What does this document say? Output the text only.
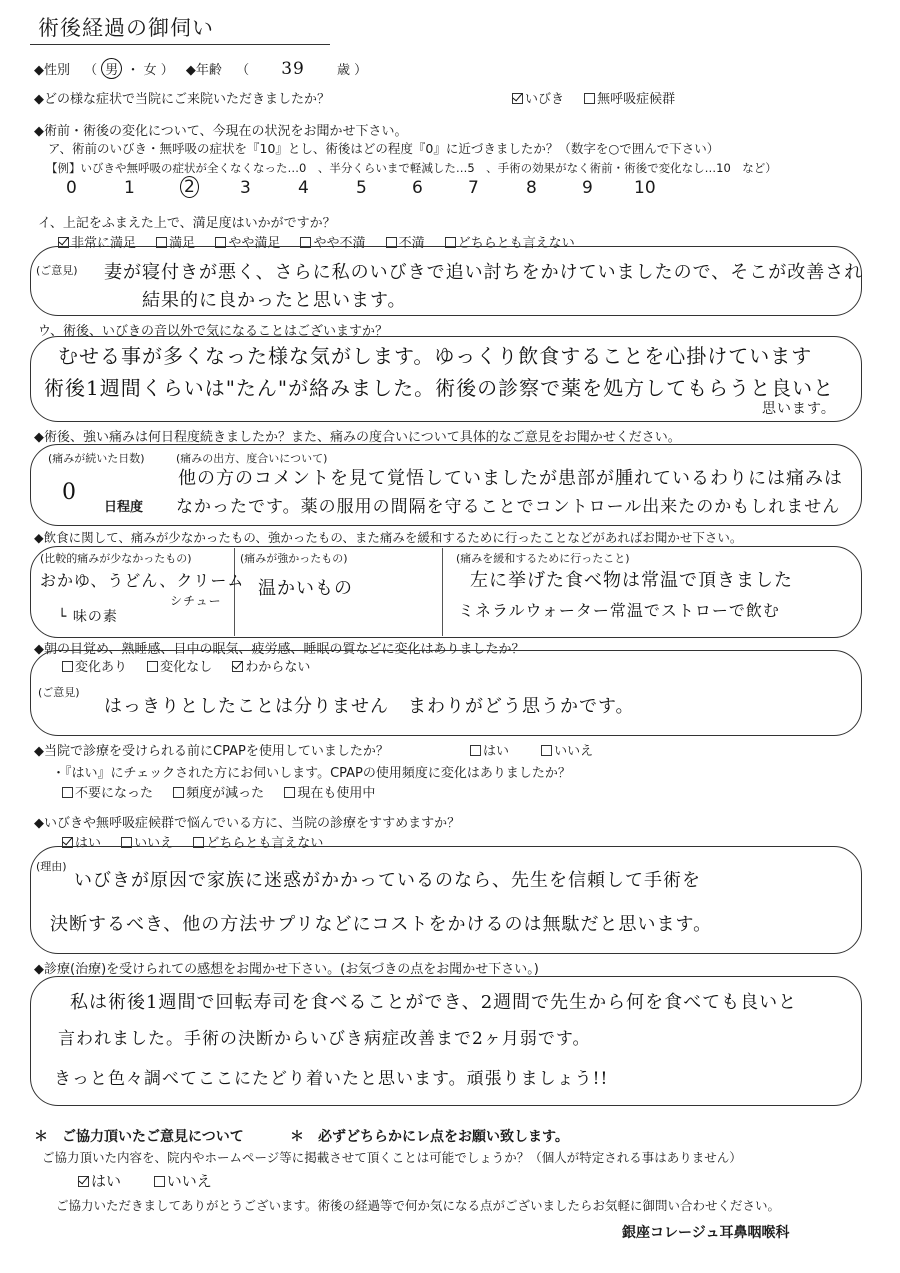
術後経過の御伺い
◆性別 （ 男 ・ 女 ） ◆年齢 （ 39 歳 ）
◆どの様な症状で当院にご来院いただきましたか？	いびき	無呼吸症候群
◆術前・術後の変化について、今現在の状況をお聞かせ下さい。
ア、術前のいびき・無呼吸の症状を『10』とし、術後はどの程度『0』に近づきましたか？（数字を○で囲んで下さい）
【例】いびきや無呼吸の症状が全くなくなった…0　、半分くらいまで軽減した…5　、手術の効果がなく術前・術後で変化なし…10　など）
0	1	2	3	4	5	6	7	8	9 10
イ、上記をふまえた上で、満足度はいかがですか？
非常に満足	満足	やや満足	やや不満	不満	どちらとも言えない
(ご意見) 妻が寝付きが悪く、さらに私のいびきで追い討ちをかけていましたので、そこが改善され
結果的に良かったと思います。
ウ、術後、いびきの音以外で気になることはございますか？
むせる事が多くなった様な気がします。ゆっくり飲食することを心掛けています
術後1週間くらいは"たん"が絡みました。術後の診察で薬を処方してもらうと良いと
思います。
◆術後、強い痛みは何日程度続きましたか？また、痛みの度合いについて具体的なご意見をお聞かせください。
(痛みが続いた日数)
0
日程度
(痛みの出方、度合いについて)
他の方のコメントを見て覚悟していましたが患部が腫れているわりには痛みは
なかったです。薬の服用の間隔を守ることでコントロール出来たのかもしれません
◆飲食に関して、痛みが少なかったもの、強かったもの、また痛みを緩和するために行ったことなどがあればお聞かせ下さい。
(比較的痛みが少なかったもの)
おかゆ、うどん、クリーム
シチュー
└ 味の素
(痛みが強かったもの)
温かいもの
(痛みを緩和するために行ったこと)
左に挙げた食べ物は常温で頂きました
ミネラルウォーター常温でストローで飲む
◆朝の目覚め、熟睡感、日中の眠気、疲労感、睡眠の質などに変化はありましたか？
変化あり	変化なし	わからない
(ご意見)
はっきりとしたことは分りません　まわりがどう思うかです。
◆当院で診療を受けられる前にCPAPを使用していましたか？	はい	いいえ
・『はい』にチェックされた方にお伺いします。CPAPの使用頻度に変化はありましたか？
不要になった	頻度が減った	現在も使用中
◆いびきや無呼吸症候群で悩んでいる方に、当院の診療をすすめますか？
はい	いいえ	どちらとも言えない
(理由)
いびきが原因で家族に迷惑がかかっているのなら、先生を信頼して手術を
決断するべき、他の方法サプリなどにコストをかけるのは無駄だと思います。
◆診療(治療)を受けられての感想をお聞かせ下さい。(お気づきの点をお聞かせ下さい。)
私は術後1週間で回転寿司を食べることができ、2週間で先生から何を食べても良いと
言われました。手術の決断からいびき病症改善まで2ヶ月弱です。
きっと色々調べてここにたどり着いたと思います。頑張りましょう!!
＊　ご協力頂いたご意見について	＊　必ずどちらかにレ点をお願い致します。
ご協力頂いた内容を、院内やホームページ等に掲載させて頂くことは可能でしょうか？（個人が特定される事はありません）
はい	いいえ
ご協力いただきましてありがとうございます。術後の経過等で何か気になる点がございましたらお気軽に御問い合わせください。
銀座コレージュ耳鼻咽喉科
